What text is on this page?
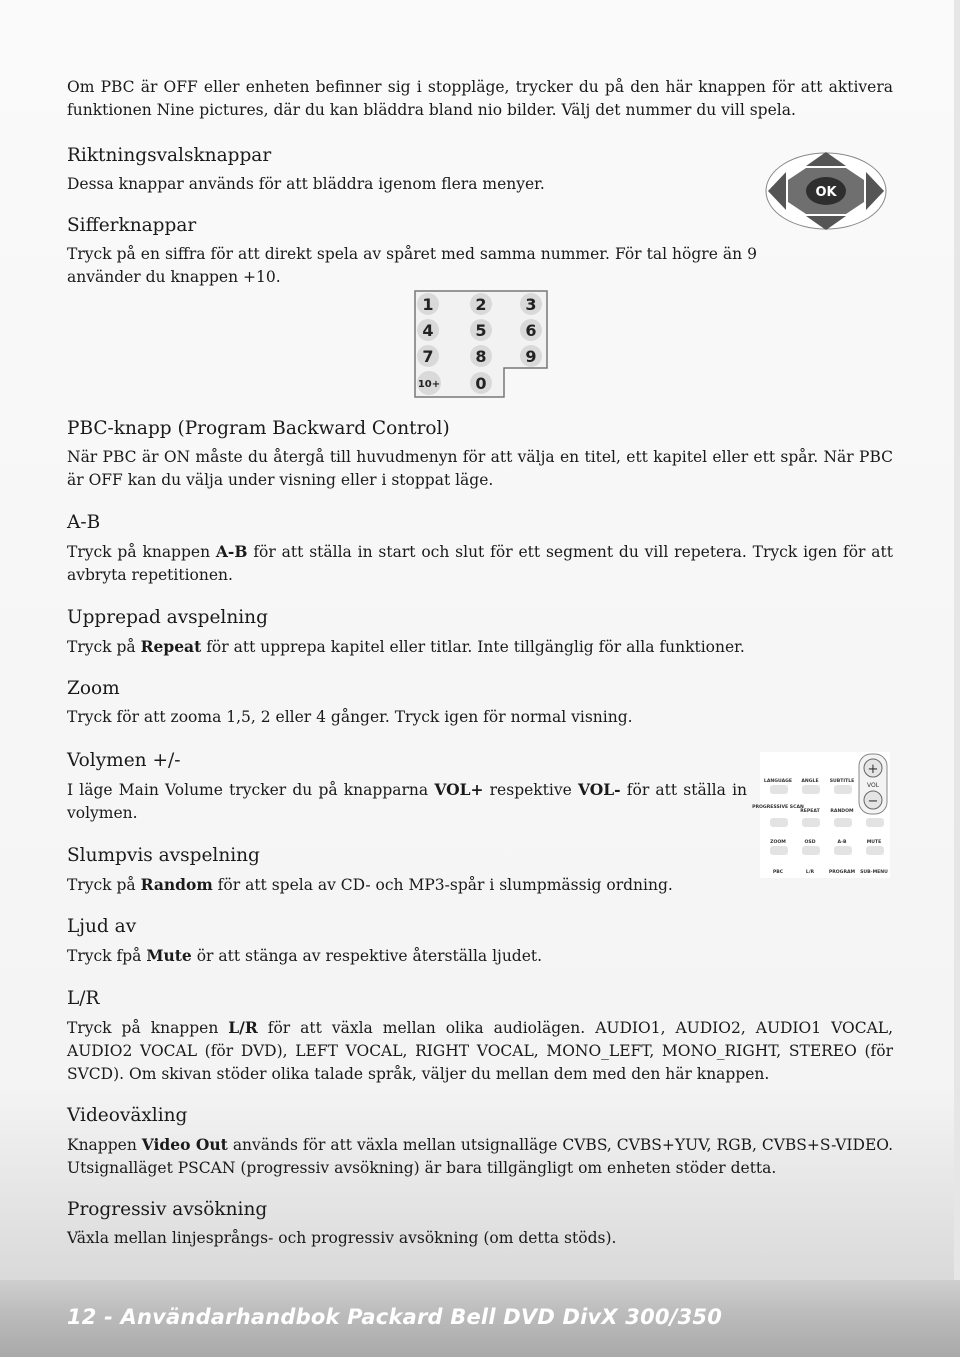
Om PBC är OFF eller enheten befinner sig i stoppläge, trycker du på den här knappen för att aktivera funktionen Nine pictures, där du kan bläddra bland nio bilder. Välj det nummer du vill spela.

Riktningsvalsknappar

Dessa knappar används för att bläddra igenom flera menyer.

Sifferknappar

Tryck på en siffra för att direkt spela av spåret med samma nummer. För tal högre än 9 använder du knappen +10.

OK
1	2 3
4	5 6
7	8 9
10+ 0
PBC-knapp (Program Backward Control)

När PBC är ON måste du återgå till huvudmenyn för att välja en titel, ett kapitel eller ett spår. När PBC är OFF kan du välja under visning eller i stoppat läge.

A-B

Tryck på knappen A-B för att ställa in start och slut för ett segment du vill repetera. Tryck igen för att avbryta repetitionen.

Upprepad avspelning

Tryck på Repeat för att upprepa kapitel eller titlar. Inte tillgänglig för alla funktioner.

Zoom

Tryck för att zooma 1,5, 2 eller 4 gånger. Tryck igen för normal visning.

Volymen +/-

I läge Main Volume trycker du på knapparna VOL+ respektive VOL- för att ställa in volymen.

+
VOL
−
LANGUAGE ANGLE SUBTITLE
PROGRESSIVE SCAN
REPEAT RANDOM
ZOOM	OSD	A-B	MUTE
PBC	L/R	PROGRAM SUB-MENU
Slumpvis avspelning

Tryck på Random för att spela av CD- och MP3-spår i slumpmässig ordning.

Ljud av

Tryck fpå Mute ör att stänga av respektive återställa ljudet.

L/R

Tryck på knappen L/R för att växla mellan olika audiolägen. AUDIO1, AUDIO2, AUDIO1 VOCAL, AUDIO2 VOCAL (för DVD), LEFT VOCAL, RIGHT VOCAL, MONO_LEFT, MONO_RIGHT, STEREO (för SVCD). Om skivan stöder olika talade språk, väljer du mellan dem med den här knappen.

Videoväxling

Knappen Video Out används för att växla mellan utsignalläge CVBS, CVBS+YUV, RGB, CVBS+S-VIDEO. Utsignalläget PSCAN (progressiv avsökning) är bara tillgängligt om enheten stöder detta.

Progressiv avsökning

Växla mellan linjesprångs- och progressiv avsökning (om detta stöds).

12 - Användarhandbok Packard Bell DVD DivX 300/350
